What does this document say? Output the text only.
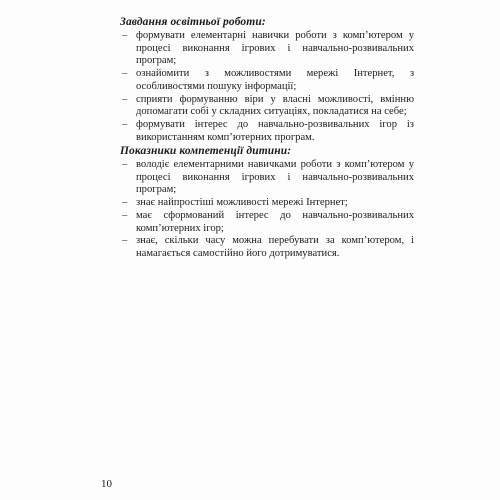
Завдання освітньої роботи:
– формувати елементарні навички роботи з комп’ютером у процесі виконання ігрових і навчально-розвивальних програм;
– ознайомити з можливостями мережі Інтернет, з особливостями пошуку інформації;
– сприяти формуванню віри у власні можливості, вмінню допомагати собі у складних ситуаціях, покладатися на себе;
– формувати інтерес до навчально-розвивальних ігор із використанням комп’ютерних програм.
Показники компетенції дитини:
– володіє елементарними навичками роботи з комп’ютером у процесі виконання ігрових і навчально-розвивальних програм;
– знає найпростіші можливості мережі Інтернет;
– має сформований інтерес до навчально-розвивальних комп’ютерних ігор;
– знає, скільки часу можна перебувати за комп’ютером, і намагається самостійно його дотримуватися.
10
